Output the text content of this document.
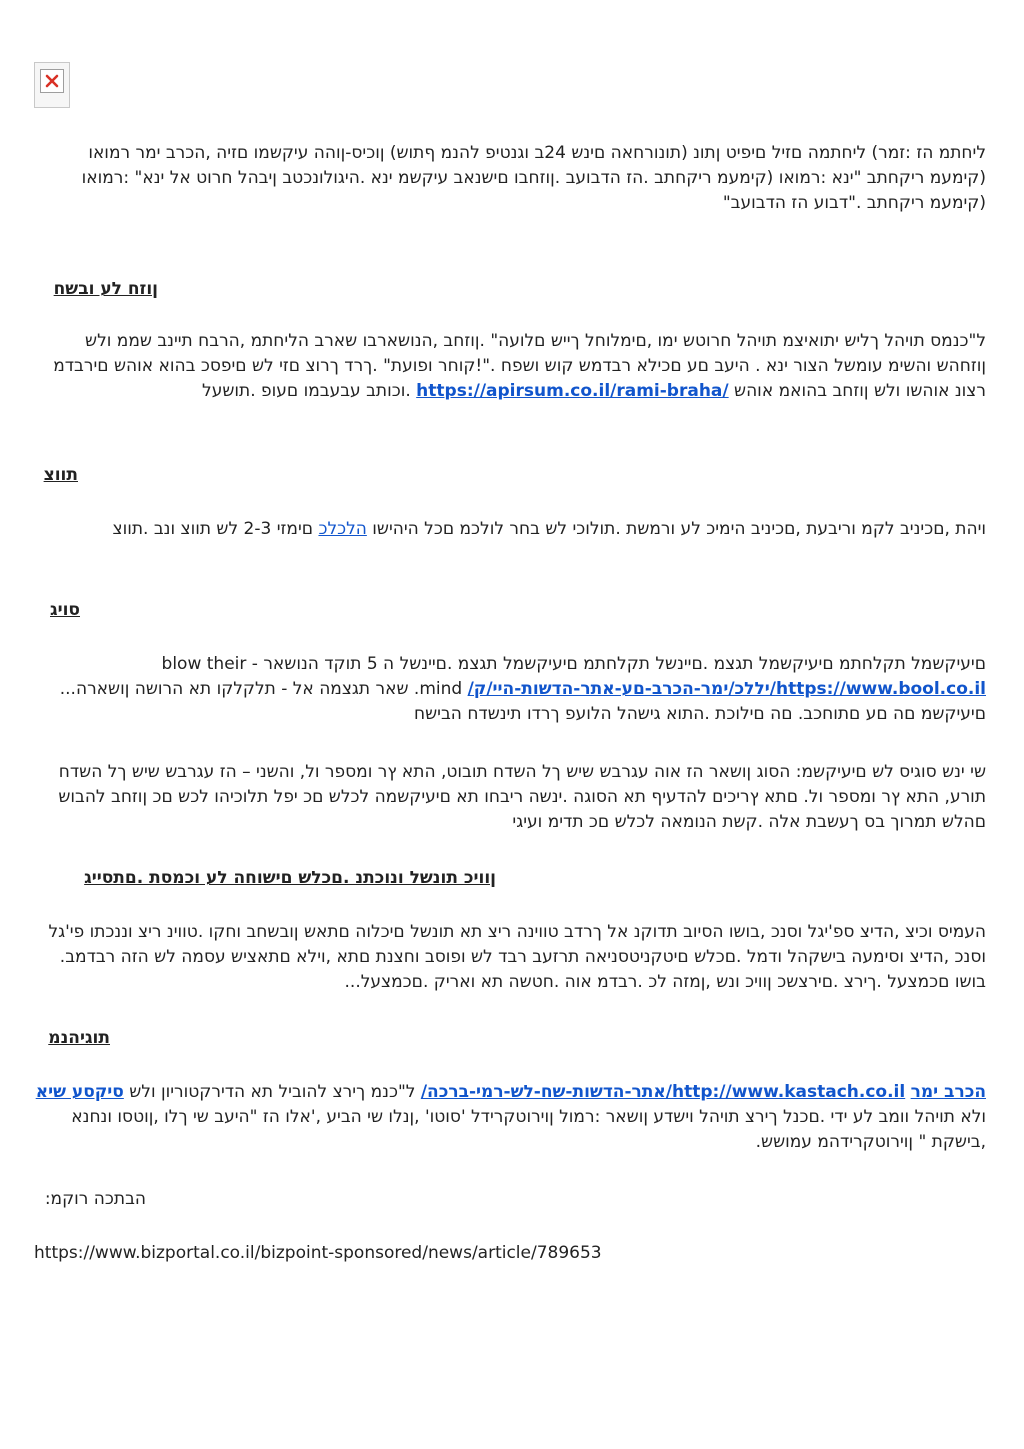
ליחתמ הז :זמר) ליחתמה םזיל םיפיט ןתונ (תונורחאה םינש 24ב וגנטיפ להנמ ףתוש) ןוכיס-ןוהה עיקשמו םזיה ,הכרב ימר רמואו (קימעמ ריקחתב "ינא :רמואו (קימעמ ריקחתב .הז הדבועב .ןוזחבו םישנאב עיקשמ ינא .היגולונכטב ןיבהל חרוט אל ינא" :רמואו (קימעמ ריקחתב ."דבוע הז הדבועב"

ןוזח לע ובשח

ל"כנמס תויהל ךליש יתואיצמ תויהל חרוטש ימו ,םימלוחל ךייש םלועה" .ןוזחב ,הנושארבו שארב הליחתמ ,הרבח תיינב שממ ולש ןוזחהש והשימ עומשל הצור ינא . היעב םע םכילא רבדמש קוש ושפח ."!קוחר ופועת" .ךרד ךרוצ םזי לש םיפסכ בהוא אוהש םירבדמ רצונ אוהשו ולש ןוזחב בהואמ אוהש https://apirsum.co.il/rami-braha/ .וכותב עבעבמו םעופ .תושעל

תווצ

ויהת ,םכיניב לקמ וריבעת ,םכיניב הימיכ לע ורמשת .תולוכי לש בחר לולכמ םכל היהישו הלכלכ םימזי 2-3 לש תווצ ונב .תווצ

סויג

םיעיקשמל תקלחתמ םיעיקשמל תגצמ .םיינשל תקלחתמ םיעיקשמל תגצמ .םיינשל ה 5 תוקד הנושאר - blow their https://www.bool.co.il/יללכ/ימר-הכרב-םע-אתר-הדשות-היי/ק/ mind. שאר תגצמה אל - תלקלקו תא הרושה ןושארה... םיעיקשמ םה םע םתוחכב. םה םילוכת .התוא גישהל הלועפ ךרדו תינשדח הבישח

שי ינש סוגיס לש םיעיקשמ: הסוג ןושאר הז אוה עגרבש שיש ךל השדח תובוט, התא ץר ומספר ול, והשני – הז עגרבש שיש ךל השדח תורע, התא ץר ומספר ול. םתא ץריכים להדעיף תא הסוגה .ינשה ריבחו תא םיעיקשמה לכלש םכ יפל תלוכיהו לכש םכ ןוזחב להבוש םהלש תמרוך בס ךעשבת אלה .קשת הנומאה לכלש םכ תדימ ועיגי

ןוויכ תונשל ונוכתנ .םכלש םישוחה לע וכמסת .םתסייג

העמיס וכיצ ,הדיצ ספ'יגל וסנכ ,בושו הסיוב תדוקנ אל ךרדב טווינה ריצ תא תונשל םיכלוה םתאש ןובשחב וחקו .טווינ ריצ וננכתו פי'גל וסנכ ,הדיצ וסימעה בישקהל ודמל .םכלש םיטקניטסניאה תרזעב רבד לש ופוסב וחצנת םתא ,וילא םתאציש עסמה לש הזה רבדמב. בושו םכמצעל .ךירצ .םירצשכ ןוויכ ונש ,ןמזה לכ .רבדמ אוה .חטשה תא ואריק .םכמצעל...

תוגיהנמ

הכרב ימר http://www.kastach.co.il/אתר-הדשות-שח-לש-רמי-ברכה/ ל"כנמ ךירצ להוביל תא הדירקטוריון ולש סיקסע שיא ולא תויהל וומב לע ידי .םכנל ךירצ תויהל וישדע ןושאר :רמול ןוירוטקרידל 'סוטו' ,ןנלו שי הביע ,'אלו הז "היעב שי ךלו ,ןוטסו ונחנא ,בישקת " ןוירוטקרידהמ עמושש.

הבתכה רוקמ:

https://www.bizportal.co.il/bizpoint-sponsored/news/article/789653
